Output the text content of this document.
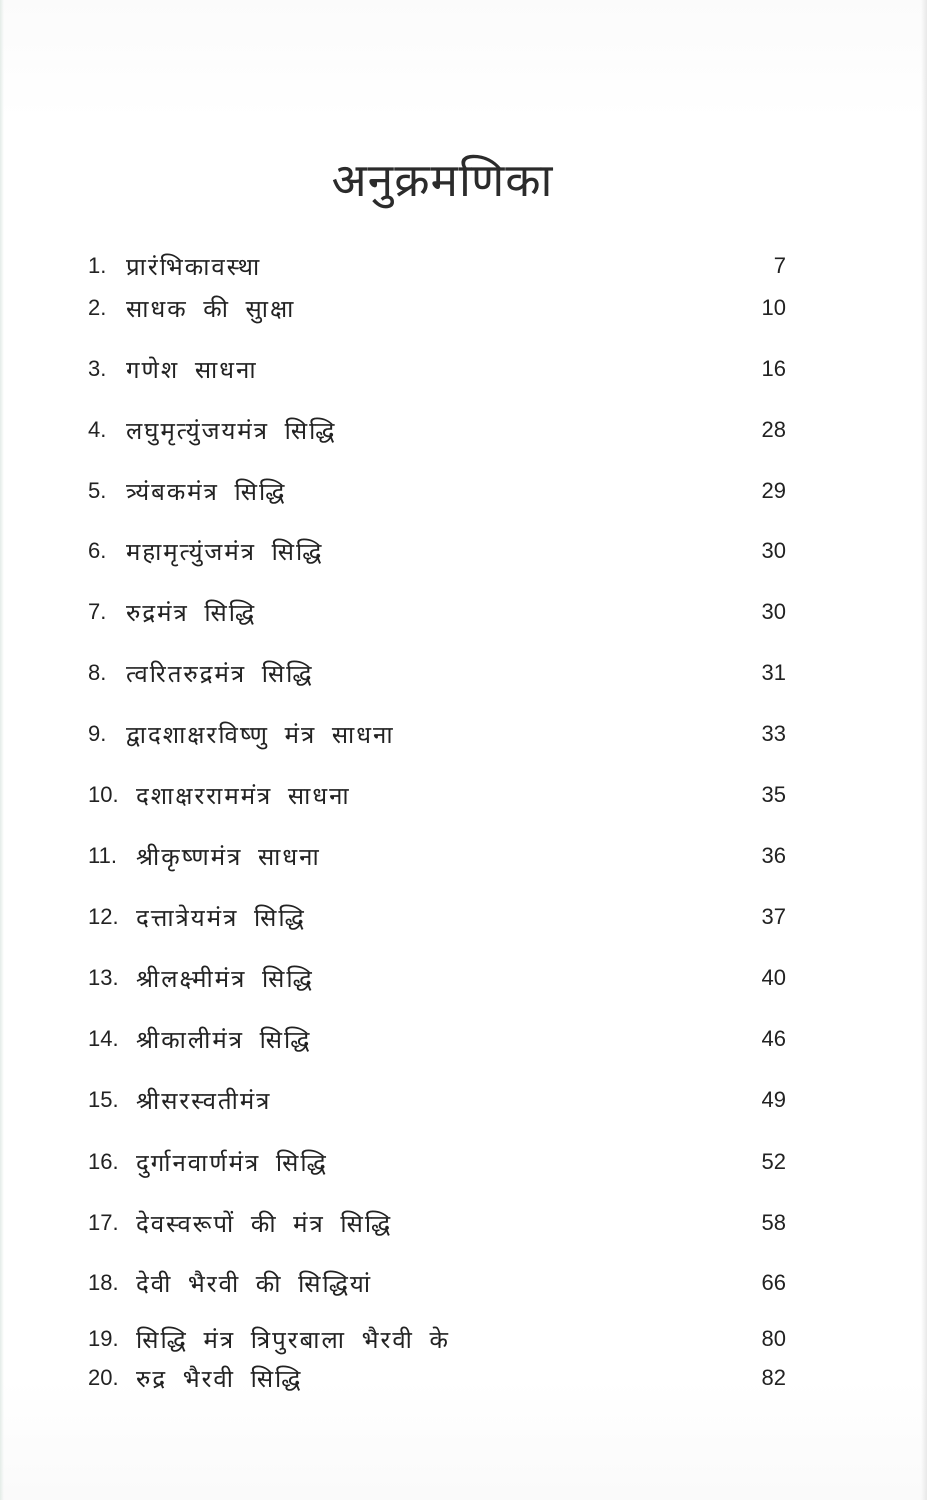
अनुक्रमणिका
1. प्रारंभिकावस्था	7
2. साधक की सुाक्षा	10
3. गणेश साधना	16
4. लघुमृत्युंजयमंत्र सिद्धि	28
5. त्र्यंबकमंत्र सिद्धि	29
6. महामृत्युंजमंत्र सिद्धि	30
7. रुद्रमंत्र सिद्धि	30
8. त्वरितरुद्रमंत्र सिद्धि	31
9. द्वादशाक्षरविष्णु मंत्र साधना	33
10. दशाक्षररामम‌ंत्र साधना	35
11. श्रीकृष्णमंत्र साधना	36
12. दत्तात्रेयमंत्र सिद्धि	37
13. श्रीलक्ष्मीमंत्र सिद्धि	40
14. श्रीकालीमंत्र सिद्धि	46
15. श्रीसरस्वतीमंत्र	49
16. दुर्गानवार्णमंत्र सिद्धि	52
17. देवस्वरूपों की मंत्र सिद्धि	58
18. देवी भैरवी की सिद्धियां	66
19. सिद्धि मंत्र त्रिपुरबाला भैरवी के	80
20. रुद्र भैरवी सिद्धि	82
